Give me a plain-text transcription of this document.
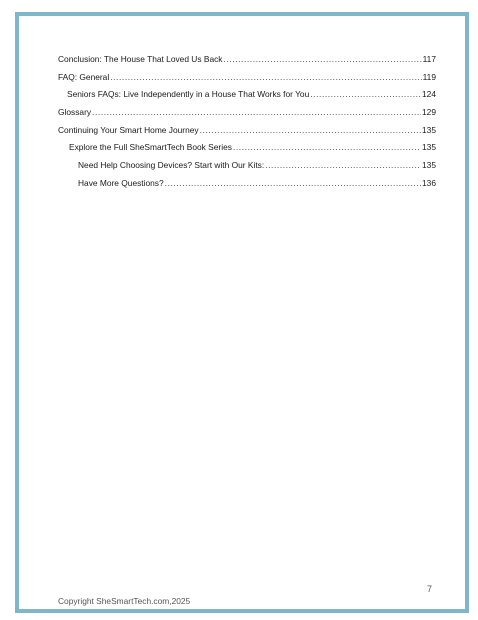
Conclusion: The House That Loved Us Back .....	117
FAQ: General .....	119
Seniors FAQs: Live Independently in a House That Works for You .....	124
Glossary .....	129
Continuing Your Smart Home Journey .....	135
Explore the Full SheSmartTech Book Series .....	135
Need Help Choosing Devices? Start with Our Kits: .....	135
Have More Questions? .....	136
7
Copyright SheSmartTech.com,2025
